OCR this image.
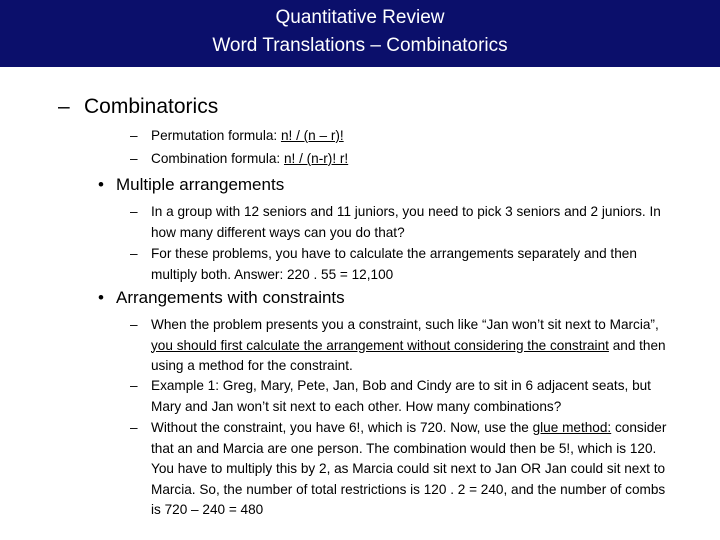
Quantitative Review
Word Translations – Combinatorics
– Combinatorics
– Permutation formula: n! / (n – r)!
– Combination formula: n! / (n-r)! r!
• Multiple arrangements
– In a group with 12 seniors and 11 juniors, you need to pick 3 seniors and 2 juniors. In how many different ways can you do that?
– For these problems, you have to calculate the arrangements separately and then multiply both. Answer: 220 . 55 = 12,100
• Arrangements with constraints
– When the problem presents you a constraint, such like “Jan won’t sit next to Marcia”, you should first calculate the arrangement without considering the constraint and then using a method for the constraint.
– Example 1: Greg, Mary, Pete, Jan, Bob and Cindy are to sit in 6 adjacent seats, but Mary and Jan won’t sit next to each other. How many combinations?
– Without the constraint, you have 6!, which is 720. Now, use the glue method: consider that an and Marcia are one person. The combination would then be 5!, which is 120. You have to multiply this by 2, as Marcia could sit next to Jan OR Jan could sit next to Marcia. So, the number of total restrictions is 120 . 2 = 240, and the number of combs is 720 – 240 = 480
